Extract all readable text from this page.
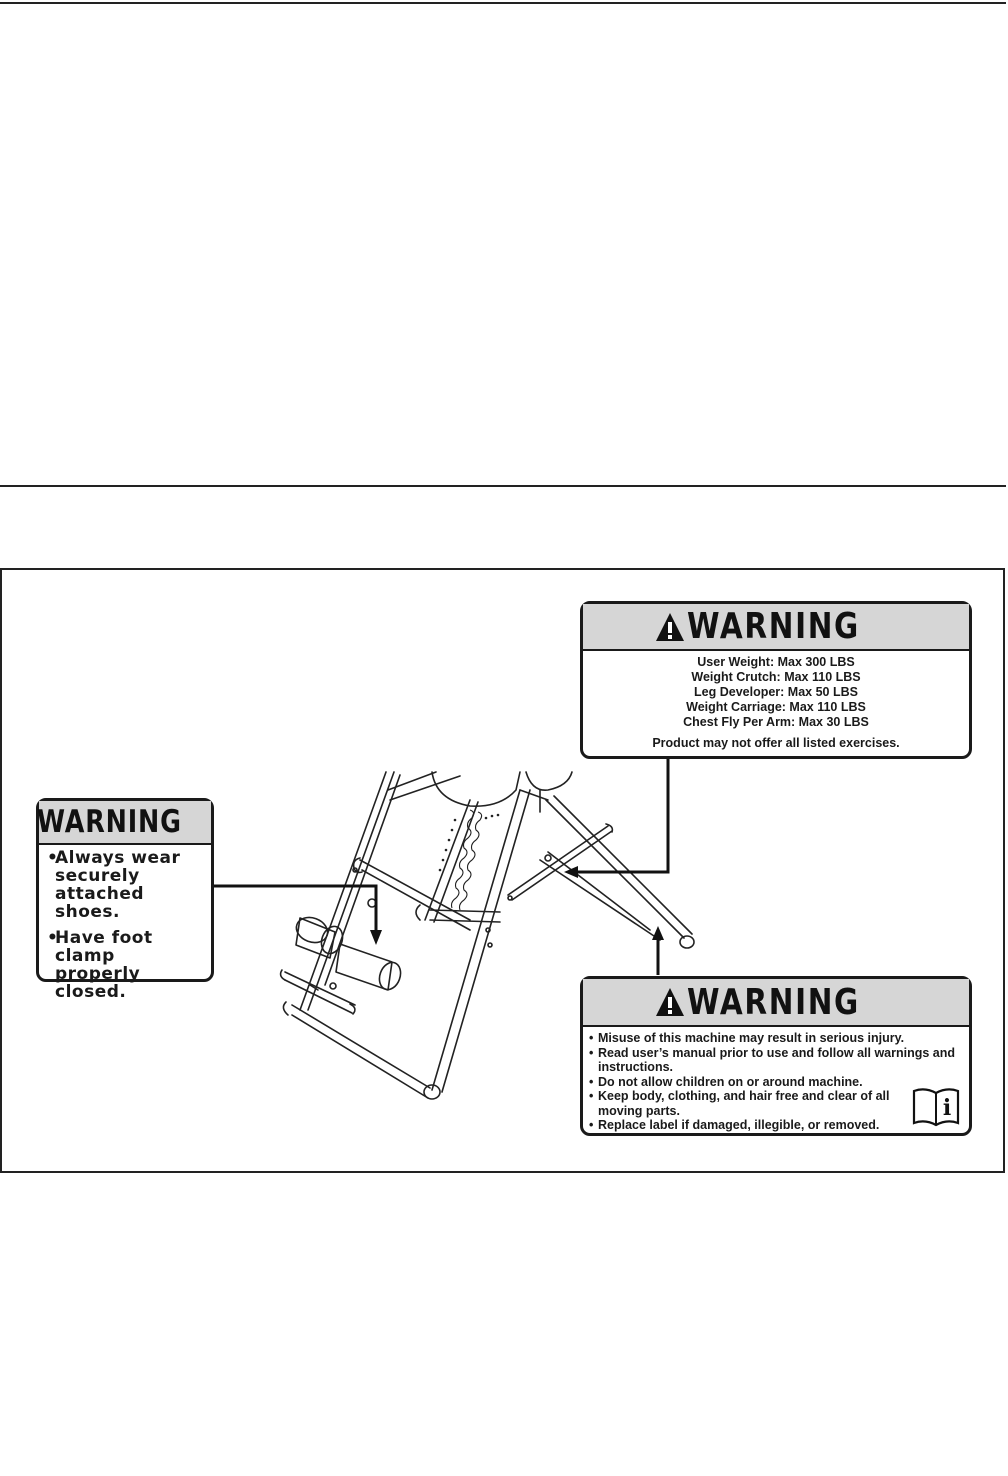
WARNING
User Weight: Max 300 LBS
Weight Crutch: Max 110 LBS
Leg Developer: Max 50 LBS
Weight Carriage: Max 110 LBS
Chest Fly Per Arm: Max 30 LBS
Product may not offer all listed exercises.
WARNING
•
Always wear securely attached shoes.
•
Have foot clamp properly closed.	WARNING
• Misuse of this machine may result in serious injury.
• Read user’s manual prior to use and follow all warnings and instructions.
• Do not allow children on or around machine.
• Keep body, clothing, and hair free and clear of all moving parts.
• Replace label if damaged, illegible, or removed.
i
